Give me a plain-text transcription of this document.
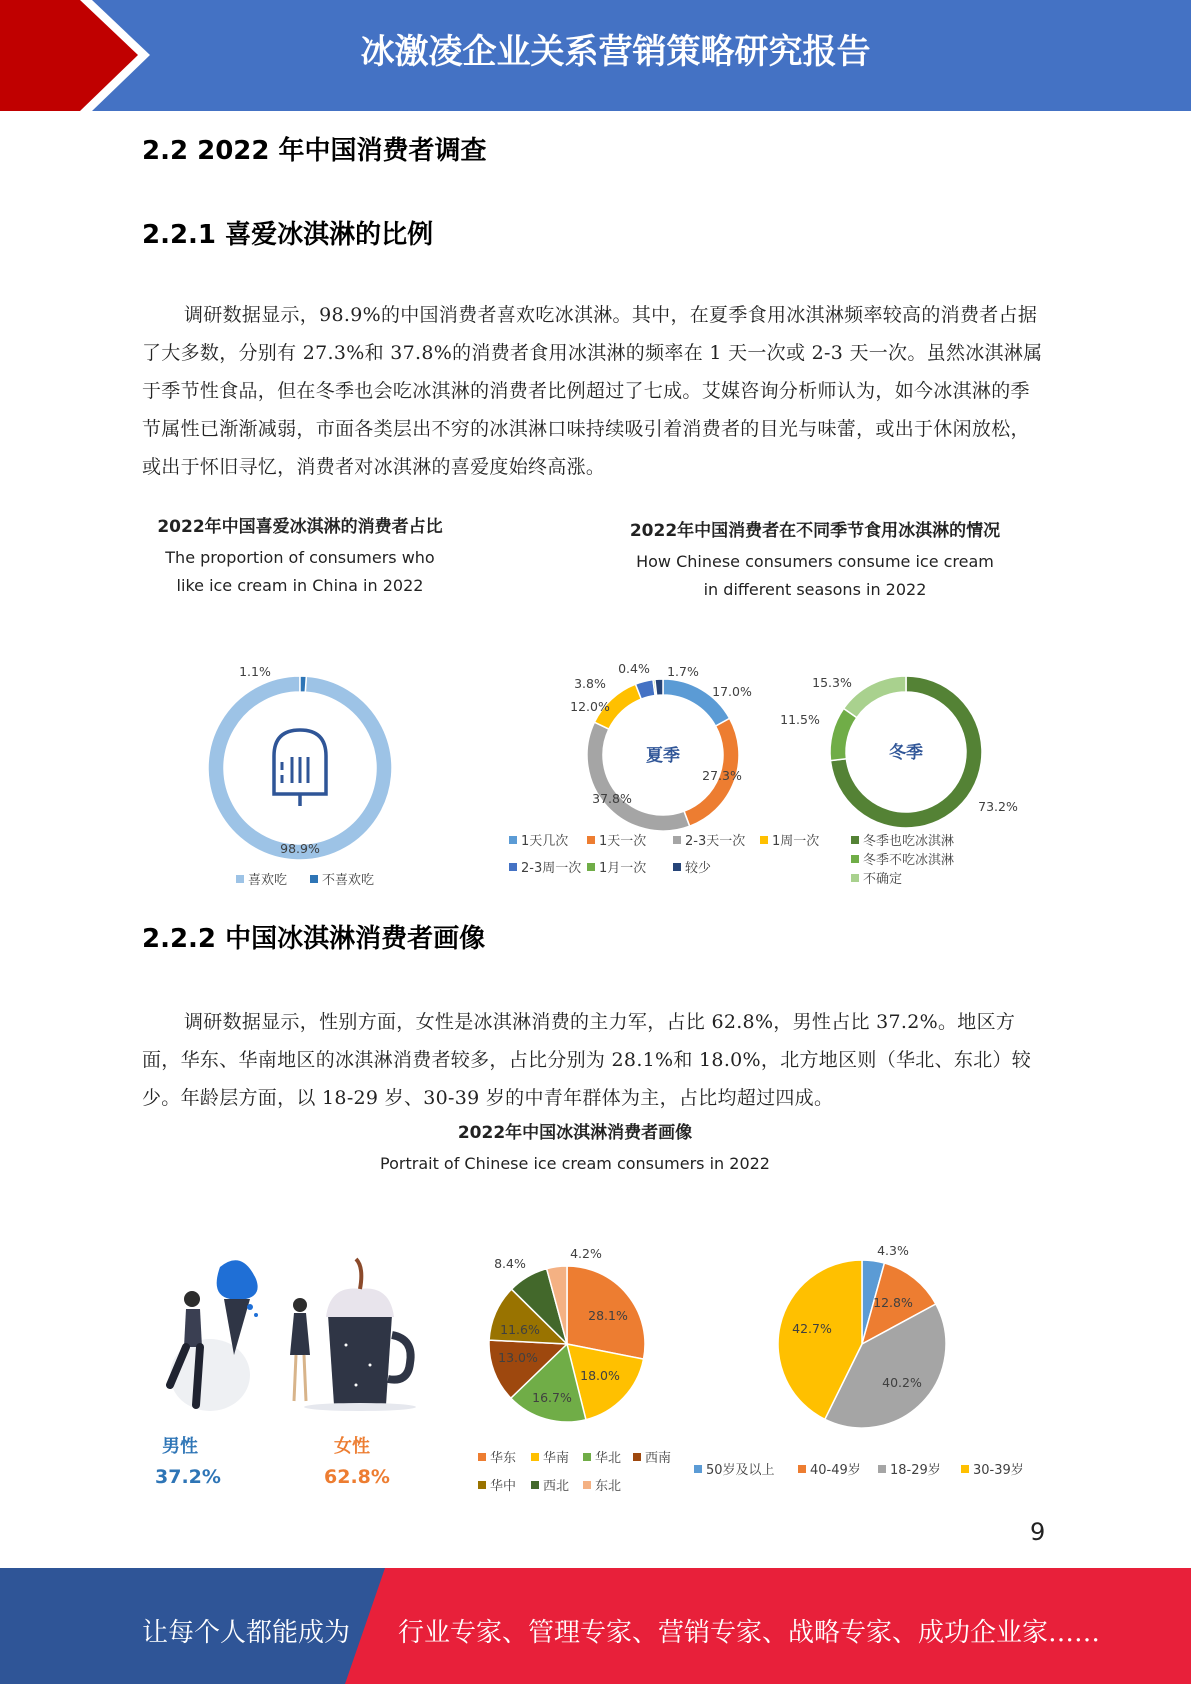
冰激凌企业关系营销策略研究报告
2.2 2022 年中国消费者调查
2.2.1 喜爱冰淇淋的比例
调研数据显示，98.9%的中国消费者喜欢吃冰淇淋。其中，在夏季食用冰淇淋频率较高的消费者占据了大多数，分别有 27.3%和 37.8%的消费者食用冰淇淋的频率在 1 天一次或 2-3 天一次。虽然冰淇淋属于季节性食品，但在冬季也会吃冰淇淋的消费者比例超过了七成。艾媒咨询分析师认为，如今冰淇淋的季节属性已渐渐减弱，市面各类层出不穷的冰淇淋口味持续吸引着消费者的目光与味蕾，或出于休闲放松，或出于怀旧寻忆，消费者对冰淇淋的喜爱度始终高涨。
2022年中国喜爱冰淇淋的消费者占比
The proportion of consumers who
like ice cream in China in 2022
2022年中国消费者在不同季节食用冰淇淋的情况
How Chinese consumers consume ice cream
in different seasons in 2022
98.9%
1.1%
17.0%
27.3%
37.8%
12.0%
3.8%
0.4% 1.7%
夏季
73.2%
11.5%
15.3%
冬季
28.1%
18.0%
16.7%
13.0%
11.6%
8.4%
4.2%	4.3%
12.8%
40.2%
42.7%
喜欢吃	不喜欢吃
1天几次 1天一次	2-3天一次 1周一次
2-3周一次 1月一次	较少
冬季也吃冰淇淋
冬季不吃冰淇淋
不确定
华东 华南 华北 西南
华中 西北 东北
50岁及以上	40-49岁 18-29岁 30-39岁
2.2.2 中国冰淇淋消费者画像
调研数据显示，性别方面，女性是冰淇淋消费的主力军，占比 62.8%，男性占比 37.2%。地区方面，华东、华南地区的冰淇淋消费者较多，占比分别为 28.1%和 18.0%，北方地区则（华北、东北）较少。年龄层方面，以 18-29 岁、30-39 岁的中青年群体为主，占比均超过四成。
2022年中国冰淇淋消费者画像
Portrait of Chinese ice cream consumers in 2022
男性
37.2%
女性
62.8%
9
让每个人都能成为 行业专家、管理专家、营销专家、战略专家、成功企业家……
